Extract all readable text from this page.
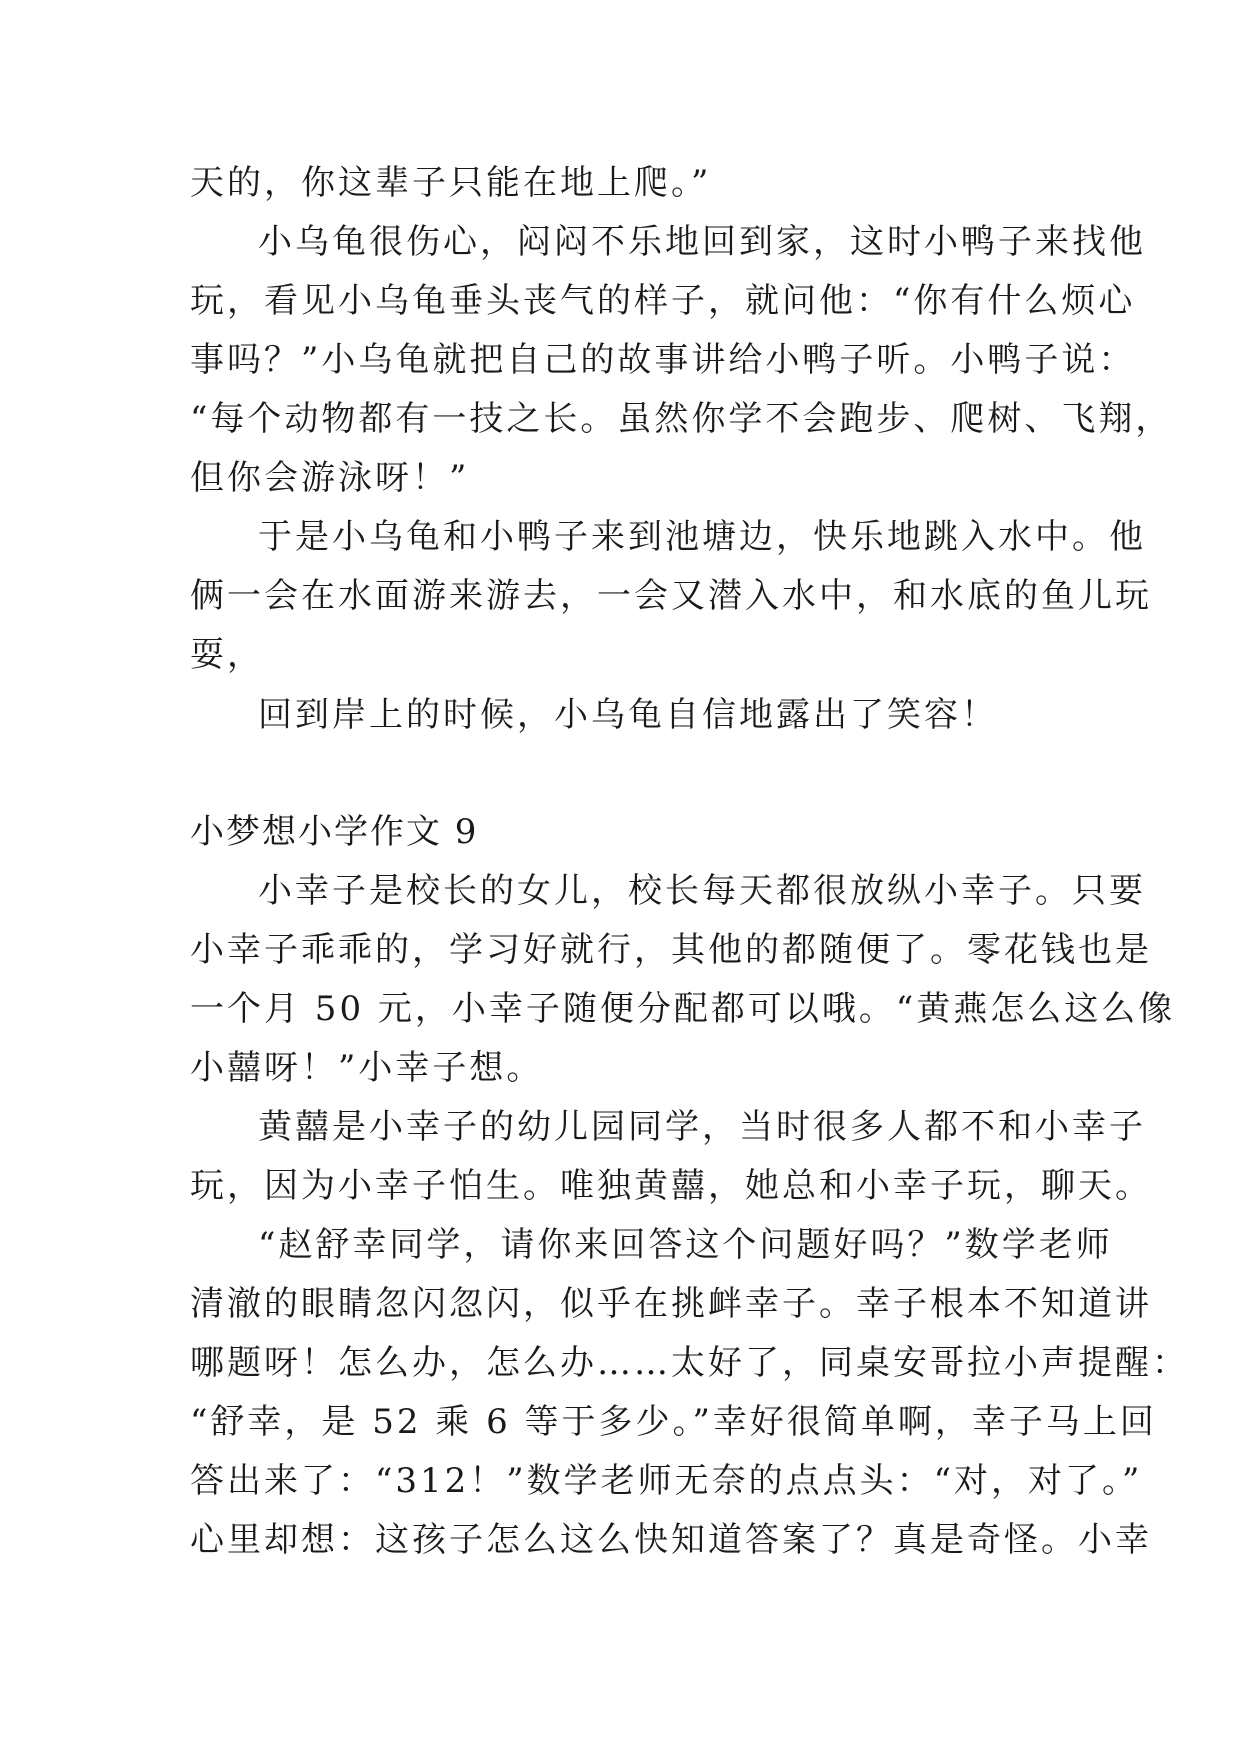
天的，你这辈子只能在地上爬。”
小乌龟很伤心，闷闷不乐地回到家，这时小鸭子来找他
玩，看见小乌龟垂头丧气的样子，就问他：“你有什么烦心
事吗？”小乌龟就把自己的故事讲给小鸭子听。小鸭子说：
“每个动物都有一技之长。虽然你学不会跑步、爬树、飞翔，
但你会游泳呀！”
于是小乌龟和小鸭子来到池塘边，快乐地跳入水中。他
俩一会在水面游来游去，一会又潜入水中，和水底的鱼儿玩
耍，
回到岸上的时候，小乌龟自信地露出了笑容！
小梦想小学作文 9
小幸子是校长的女儿，校长每天都很放纵小幸子。只要
小幸子乖乖的，学习好就行，其他的都随便了。零花钱也是
一个月 50 元，小幸子随便分配都可以哦。“黄燕怎么这么像
小囍呀！”小幸子想。
黄囍是小幸子的幼儿园同学，当时很多人都不和小幸子
玩，因为小幸子怕生。唯独黄囍，她总和小幸子玩，聊天。
“赵舒幸同学，请你来回答这个问题好吗？”数学老师
清澈的眼睛忽闪忽闪，似乎在挑衅幸子。幸子根本不知道讲
哪题呀！怎么办，怎么办……太好了，同桌安哥拉小声提醒：
“舒幸，是 52 乘 6 等于多少。”幸好很简单啊，幸子马上回
答出来了：“312！”数学老师无奈的点点头：“对，对了。”
心里却想：这孩子怎么这么快知道答案了？真是奇怪。小幸
